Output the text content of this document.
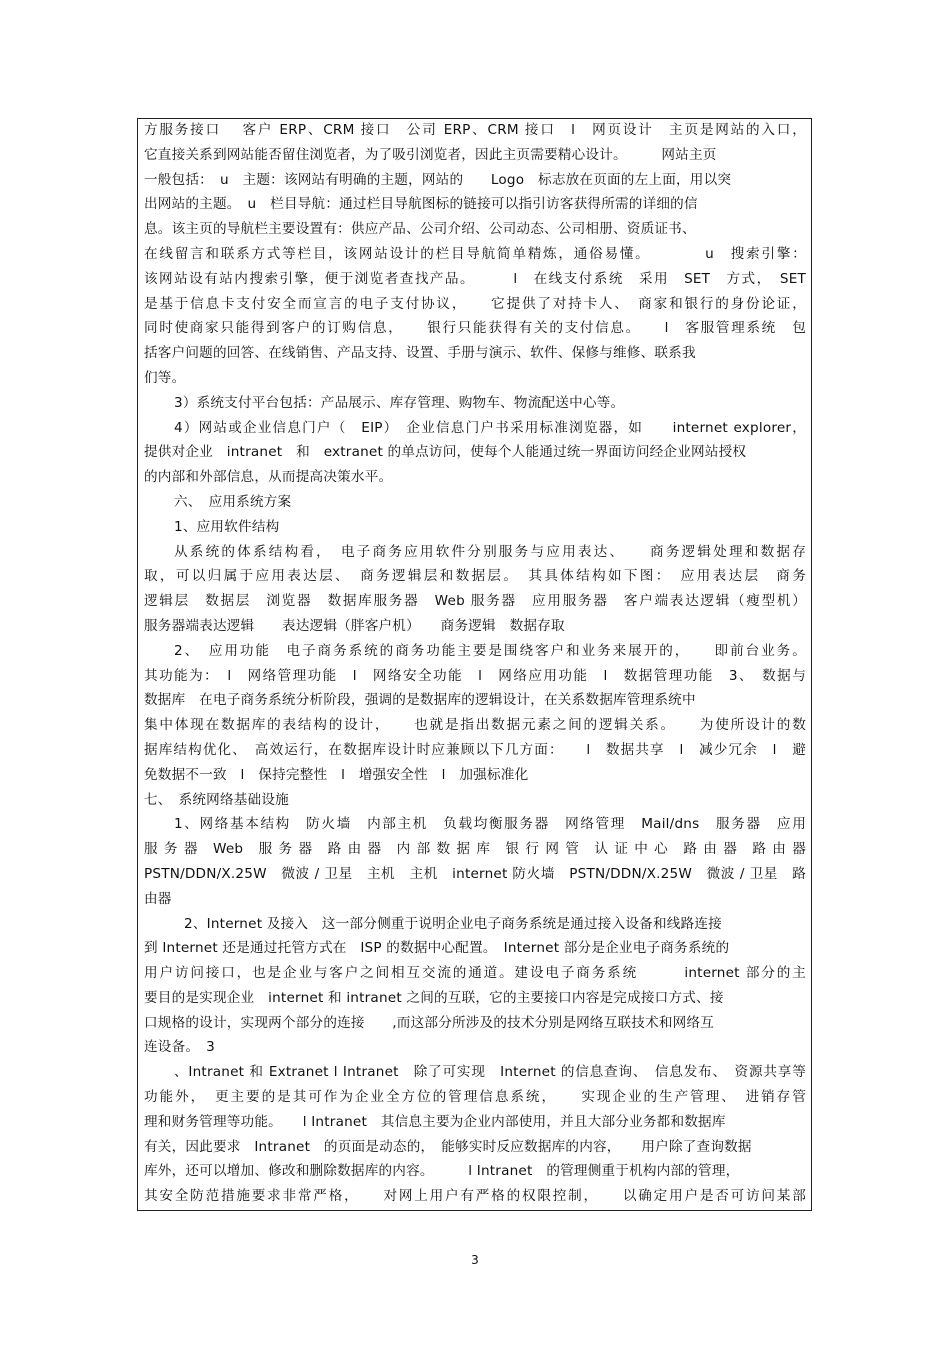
方服务接口　 客户 ERP、CRM 接口　公司 ERP、CRM 接口　l　网页设计　主页是网站的入口，
它直接关系到网站能否留住浏览者，为了吸引浏览者，因此主页需要精心设计。　　　网站主页
一般包括：　u　主题：该网站有明确的主题，网站的　　Logo　标志放在页面的左上面，用以突
出网站的主题。　u　栏目导航：通过栏目导航图标的链接可以指引访客获得所需的详细的信
息。该主页的导航栏主要设置有：供应产品、公司介绍、公司动态、公司相册、资质证书、
在线留言和联系方式等栏目，该网站设计的栏目导航简单精炼，通俗易懂。　　　　u　搜索引擎：
该网站设有站内搜索引擎，便于浏览者查找产品。　　　l　在线支付系统　采用　SET　方式，　SET
是基于信息卡支付安全而宣言的电子支付协议，　　它提供了对持卡人、　商家和银行的身份论证，
同时使商家只能得到客户的订购信息，　　银行只能获得有关的支付信息。　　l　客服管理系统　包
括客户问题的回答、在线销售、产品支持、设置、手册与演示、软件、保修与维修、联系我
们等。
3）系统支付平台包括：产品展示、库存管理、购物车、物流配送中心等。
4）网站或企业信息门户（　EIP）　企业信息门户书采用标准浏览器，如　　internet explorer，
提供对企业　intranet　和　extranet 的单点访问，使每个人能通过统一界面访问经企业网站授权
的内部和外部信息，从而提高决策水平。
六、　应用系统方案
1、应用软件结构
从系统的体系结构看，　电子商务应用软件分别服务与应用表达、　　商务逻辑处理和数据存
取，可以归属于应用表达层、　商务逻辑层和数据层。　其具体结构如下图：　应用表达层　商务
逻辑层　数据层　浏览器　数据库服务器　Web 服务器　应用服务器　客户端表达逻辑（瘦型机）
服务器端表达逻辑　　表达逻辑（胖客户机）　　商务逻辑　数据存取
2、　应用功能　电子商务系统的商务功能主要是围绕客户和业务来展开的，　　即前台业务。
其功能为：　l　网络管理功能　l　网络安全功能　l　网络应用功能　l　数据管理功能　3、　数据与
数据库　在电子商务系统分析阶段，强调的是数据库的逻辑设计，在关系数据库管理系统中
集中体现在数据库的表结构的设计，　　也就是指出数据元素之间的逻辑关系。　　为使所设计的数
据库结构优化、　高效运行，在数据库设计时应兼顾以下几方面：　　l　数据共享　l　减少冗余　l　避
免数据不一致　l　保持完整性　l　增强安全性　l　加强标准化
七、　系统网络基础设施
1、网络基本结构　防火墙　内部主机　负载均衡服务器　网络管理　Mail/dns　服务器　应用
服 务 器　Web　服 务 器　路 由 器　内 部 数 据 库　银 行 网 管　认 证 中 心　路 由 器　路 由 器
PSTN/DDN/X.25W　微波 / 卫星　主机　主机　internet 防火墙　PSTN/DDN/X.25W　微波 / 卫星　路
由器
2、Internet 及接入　这一部分侧重于说明企业电子商务系统是通过接入设备和线路连接
到 Internet 还是通过托管方式在　ISP 的数据中心配置。　Internet 部分是企业电子商务系统的
用户访问接口，也是企业与客户之间相互交流的通道。建设电子商务系统　　　internet 部分的主
要目的是实现企业　internet 和 intranet 之间的互联，它的主要接口内容是完成接口方式、接
口规格的设计，实现两个部分的连接　　,而这部分所涉及的技术分别是网络互联技术和网络互
连设备。　3
、Intranet 和 Extranet l Intranet　除了可实现　Internet 的信息查询、　信息发布、　资源共享等
功能外，　更主要的是其可作为企业全方位的管理信息系统，　　实现企业的生产管理、　进销存管
理和财务管理等功能。　　l Intranet　其信息主要为企业内部使用，并且大部分业务都和数据库
有关，因此要求　Intranet　的页面是动态的，　能够实时反应数据库的内容，　　用户除了查询数据
库外，还可以增加、修改和删除数据库的内容。　　　l Intranet　的管理侧重于机构内部的管理，
其安全防范措施要求非常严格，　　对网上用户有严格的权限控制，　　以确定用户是否可访问某部
3
